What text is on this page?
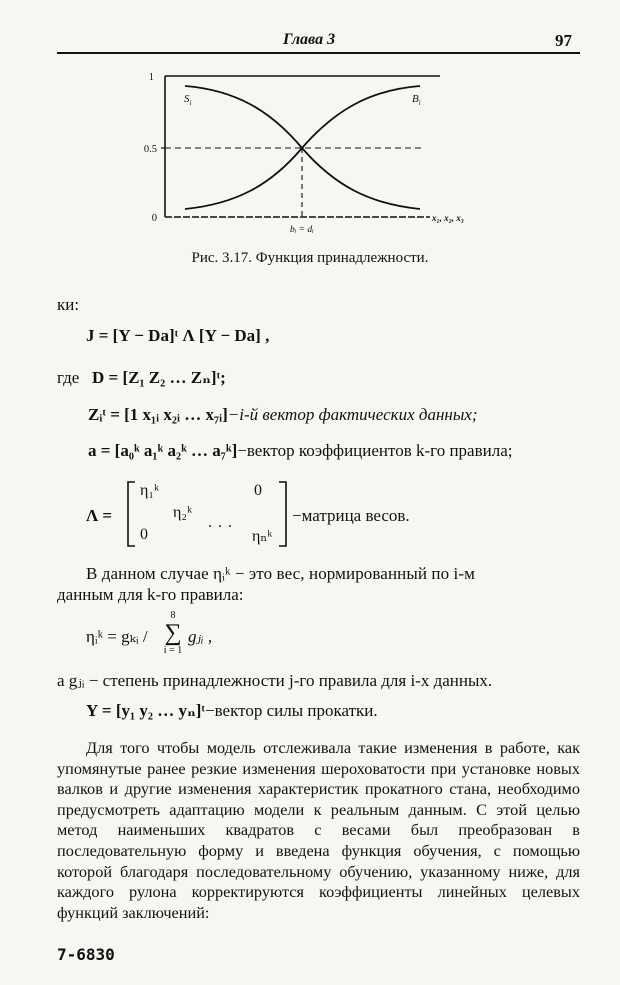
Глава 3	97
1
0.5
0
$S_i$	$B_i$
x₁, x₂, x₃
bᵢ = dᵢ
Рис. 3.17. Функция принадлежности.
ки:
J = [Y − Da]ᵗ Λ [Y − Da] ,
где D = [Z₁ Z₂ … Zₙ]ᵗ;
Zᵢᵗ = [1 x₁ᵢ x₂ᵢ … x₇ᵢ]−i-й вектор фактических данных;
a = [a₀ᵏ a₁ᵏ a₂ᵏ … a₇ᵏ]−вектор коэффициентов k-го правила;
Λ =
η₁ᵏ	0
η₂ᵏ
. . .
0	ηₙᵏ
−матрица весов.
В данном случае ηᵢᵏ − это вес, нормированный по i-м
данным для k-го правила:
ηᵢᵏ = gₖᵢ /
8
∑
i = 1
gⱼᵢ ,
а gⱼᵢ − степень принадлежности j-го правила для i-х данных.
Y = [y₁ y₂ … yₙ]ᵗ−вектор силы прокатки.
Для того чтобы модель отслеживала такие изменения в работе, как упомянутые ранее резкие изменения шероховатости при установке новых валков и другие изменения характеристик прокатного стана, необходимо предусмотреть адаптацию модели к реальным данным. С этой целью метод наименьших квадратов с весами был преобразован в последовательную форму и введена функция обучения, с помощью которой благодаря последовательному обучению, указанному ниже, для каждого рулона корректируются коэффициенты линейных целевых функций заключений:
7-6830
